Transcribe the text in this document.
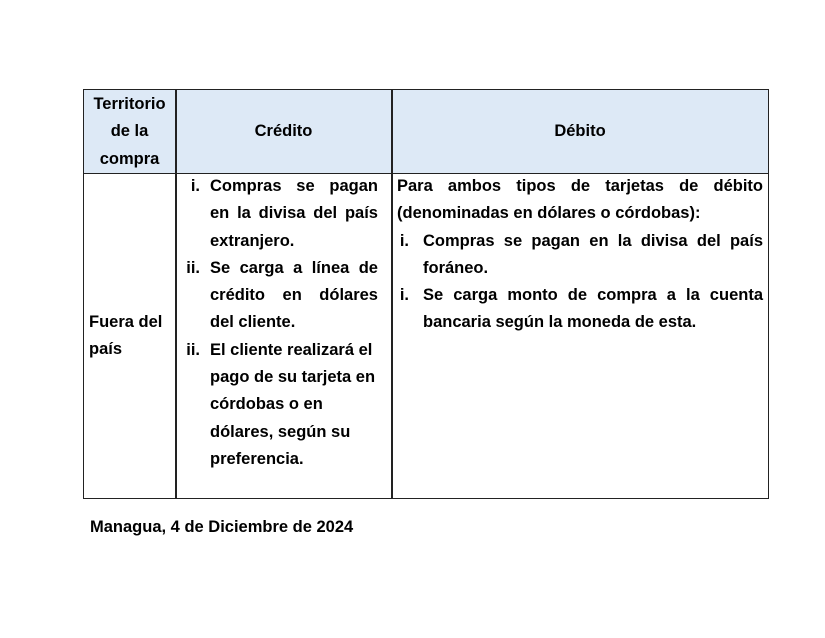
Territorio de la compra
Crédito	Débito
Fuera del país
i. Compras se pagan en la divisa del país extranjero.
ii. Se carga a línea de crédito en dólares del cliente.
ii. El cliente realizará el pago de su tarjeta en córdobas o en dólares, según su preferencia.
Para ambos tipos de tarjetas de débito (denominadas en dólares o córdobas):
i. Compras se pagan en la divisa del país foráneo.
i. Se carga monto de compra a la cuenta bancaria según la moneda de esta.
Managua, 4 de Diciembre de 2024
